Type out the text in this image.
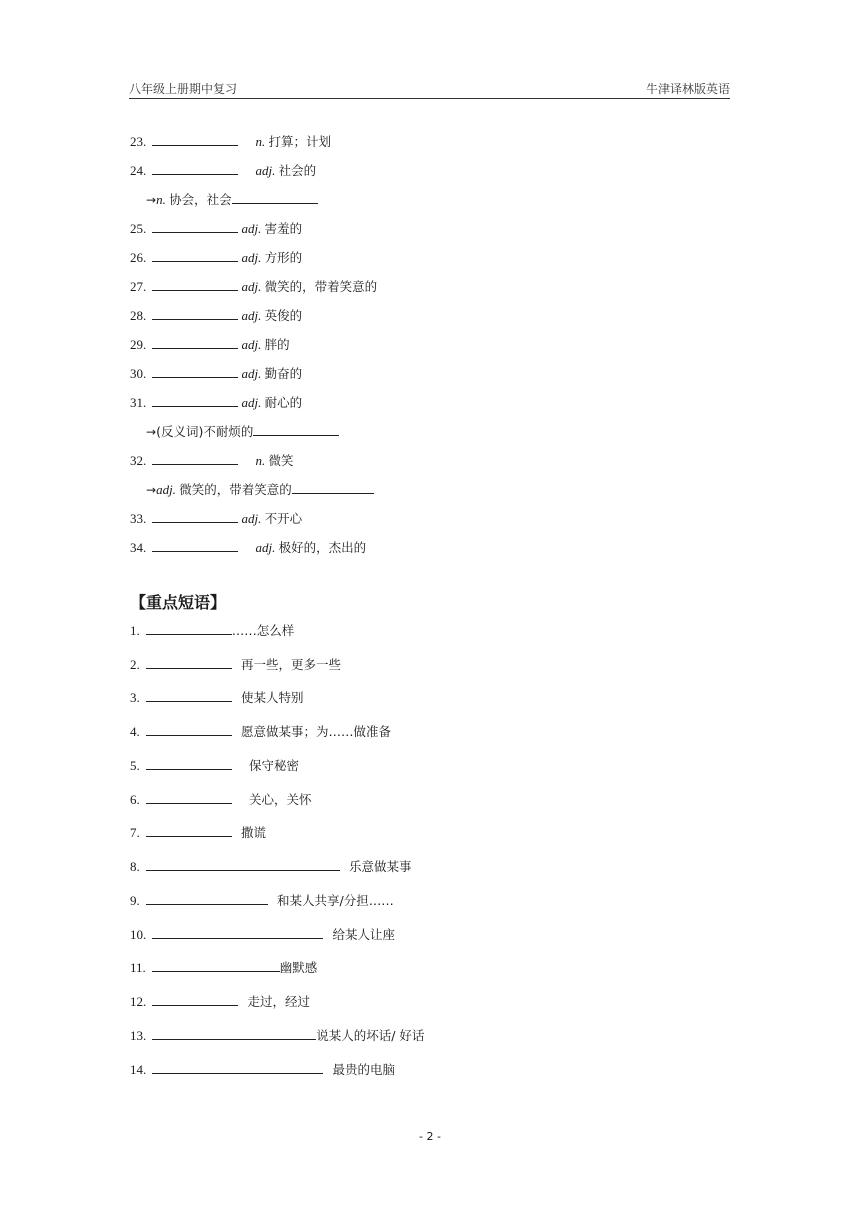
八年级上册期中复习	牛津译林版英语
23.	n. 打算；计划
24.	adj. 社会的
→n. 协会，社会
25.	adj. 害羞的
26.	adj. 方形的
27.	adj. 微笑的，带着笑意的
28.	adj. 英俊的
29.	adj. 胖的
30.	adj. 勤奋的
31.	adj. 耐心的
→(反义词)不耐烦的
32.	n. 微笑
→adj. 微笑的，带着笑意的
33.	adj. 不开心
34.	adj. 极好的，杰出的
【重点短语】
1.	……怎么样
2.	再一些，更多一些
3.	使某人特别
4.	愿意做某事；为……做准备
5.	保守秘密
6.	关心，关怀
7.	撒谎
8.	乐意做某事
9.	和某人共享/分担……
10.	给某人让座
11.	幽默感
12.	走过，经过
13.	说某人的坏话/ 好话
14.	最贵的电脑
- 2 -
